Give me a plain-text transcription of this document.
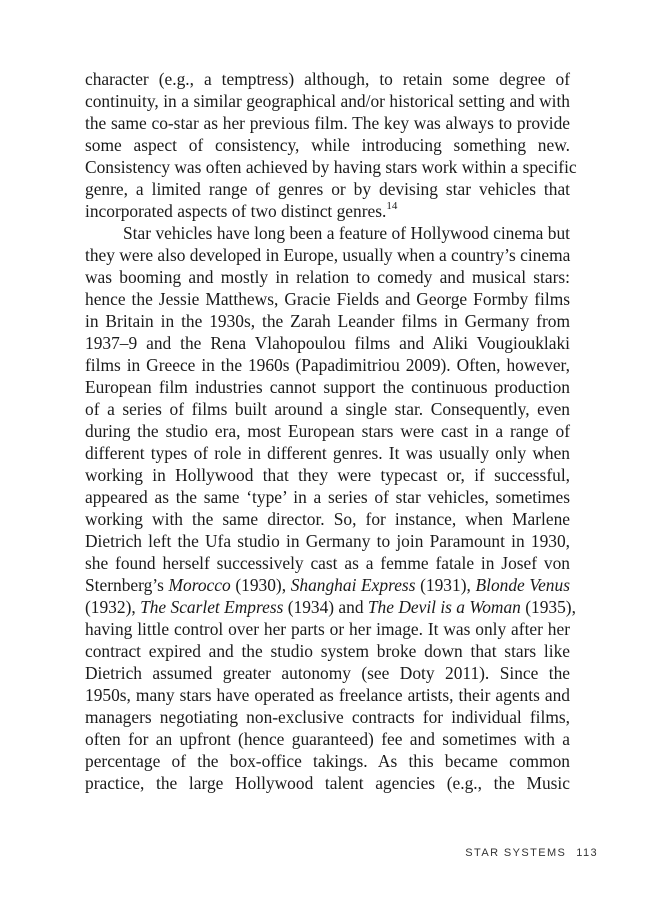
character (e.g., a temptress) although, to retain some degree of
continuity, in a similar geographical and/or historical setting and with
the same co-star as her previous film. The key was always to provide
some aspect of consistency, while introducing something new.
Consistency was often achieved by having stars work within a specific
genre, a limited range of genres or by devising star vehicles that
incorporated aspects of two distinct genres.$^{14}$
Star vehicles have long been a feature of Hollywood cinema but
they were also developed in Europe, usually when a country’s cinema
was booming and mostly in relation to comedy and musical stars:
hence the Jessie Matthews, Gracie Fields and George Formby films
in Britain in the 1930s, the Zarah Leander films in Germany from
1937–9 and the Rena Vlahopoulou films and Aliki Vougiouklaki
films in Greece in the 1960s (Papadimitriou 2009). Often, however,
European film industries cannot support the continuous production
of a series of films built around a single star. Consequently, even
during the studio era, most European stars were cast in a range of
different types of role in different genres. It was usually only when
working in Hollywood that they were typecast or, if successful,
appeared as the same ‘type’ in a series of star vehicles, sometimes
working with the same director. So, for instance, when Marlene
Dietrich left the Ufa studio in Germany to join Paramount in 1930,
she found herself successively cast as a femme fatale in Josef von
Sternberg’s Morocco (1930), Shanghai Express (1931), Blonde Venus
(1932), The Scarlet Empress (1934) and The Devil is a Woman (1935),
having little control over her parts or her image. It was only after her
contract expired and the studio system broke down that stars like
Dietrich assumed greater autonomy (see Doty 2011). Since the
1950s, many stars have operated as freelance artists, their agents and
managers negotiating non-exclusive contracts for individual films,
often for an upfront (hence guaranteed) fee and sometimes with a
percentage of the box-office takings. As this became common
practice, the large Hollywood talent agencies (e.g., the Music
STAR SYSTEMS 113
